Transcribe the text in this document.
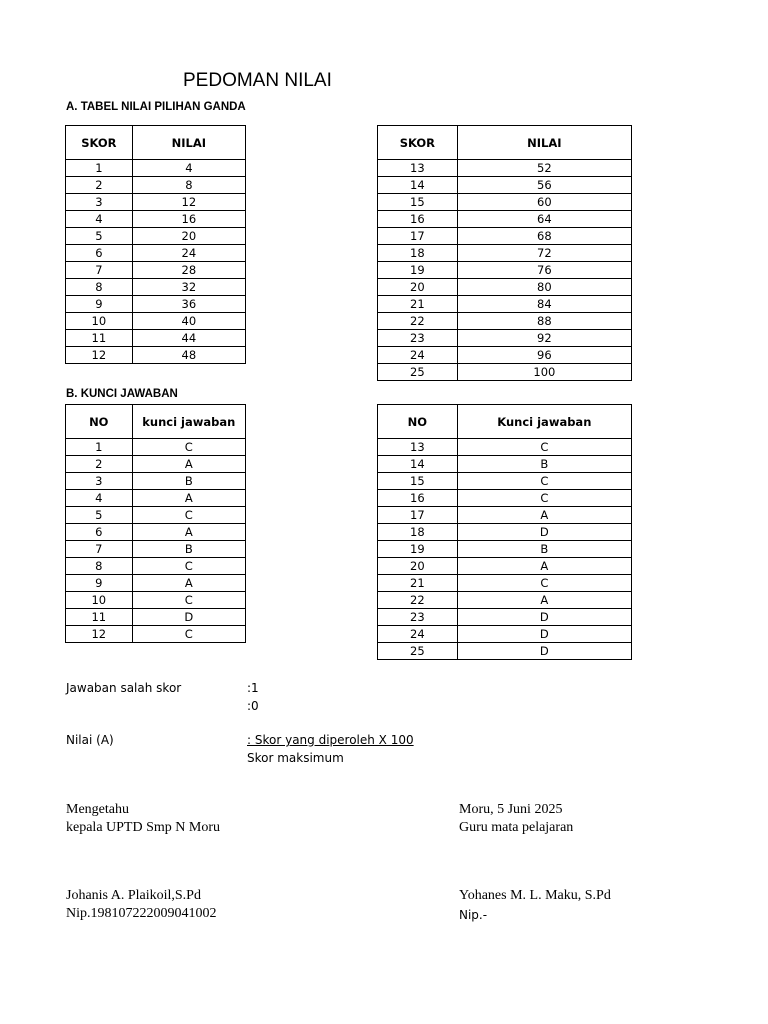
PEDOMAN NILAI
A. TABEL NILAI PILIHAN GANDA
SKOR	NILAI
1	4
2	8
3	12
4	16
5	20
6	24
7	28
8	32
9	36
10	40
11	44
12	48
SKOR	NILAI
13	52
14	56
15	60
16	64
17	68
18	72
19	76
20	80
21	84
22	88
23	92
24	96
25	100
B. KUNCI JAWABAN
NO	kunci jawaban
1	C
2	A
3	B
4	A
5	C
6	A
7	B
8	C
9	A
10	C
11	D
12	C
NO	Kunci jawaban
13	C
14	B
15	C
16	C
17	A
18	D
19	B
20	A
21	C
22	A
23	D
24	D
25	D
Jawaban salah skor	:1
:0
Nilai (A)	: Skor yang diperoleh X 100
Skor maksimum
Mengetahu
kepala UPTD Smp N Moru
Johanis A. Plaikoil,S.Pd
Nip.198107222009041002
Moru, 5 Juni 2025
Guru mata pelajaran
Yohanes M. L. Maku, S.Pd
Nip.-
